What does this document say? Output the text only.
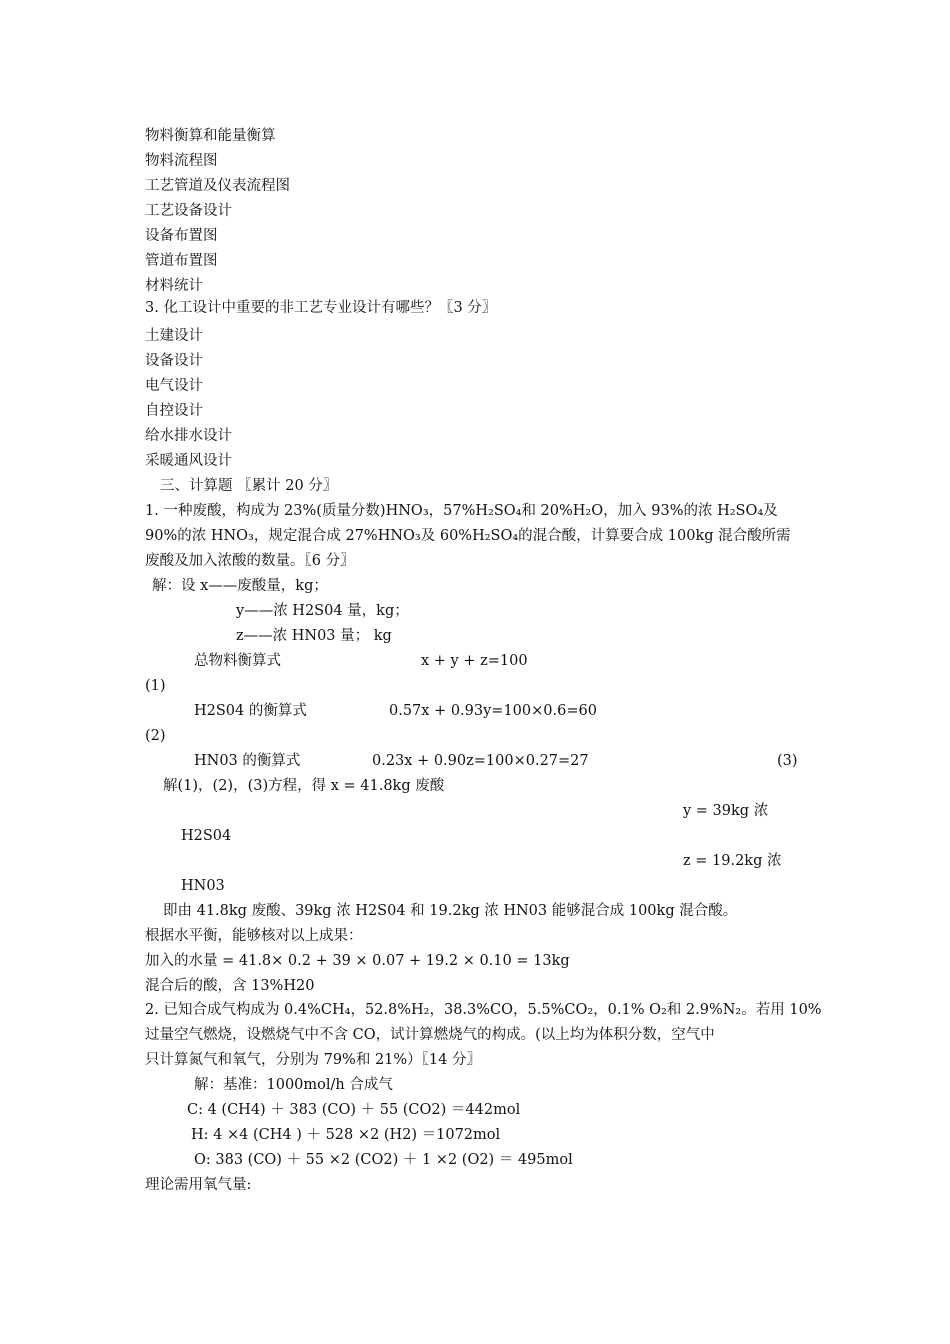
物料衡算和能量衡算
物料流程图
工艺管道及仪表流程图
工艺设备设计
设备布置图
管道布置图
材料统计
3. 化工设计中重要的非工艺专业设计有哪些？〖3 分〗
土建设计
设备设计
电气设计
自控设计
给水排水设计
采暖通风设计
三、计算题 〖累计 20 分〗
1. 一种废酸，构成为 23%(质量分数)HNO₃，57%H₂SO₄和 20%H₂O，加入 93%的浓 H₂SO₄及
90%的浓 HNO₃，规定混合成 27%HNO₃及 60%H₂SO₄的混合酸，计算要合成 100kg 混合酸所需
废酸及加入浓酸的数量。〖6 分〗
解：设 x——废酸量，kg；
y——浓 H2S04 量，kg；
z——浓 HN03 量； kg
总物料衡算式	x + y + z=100
(1)
H2S04 的衡算式	0.57x + 0.93y=100×0.6=60
(2)
HN03 的衡算式	0.23x + 0.90z=100×0.27=27	(3)
解(1)，(2)，(3)方程，得 x = 41.8kg 废酸
y = 39kg 浓
H2S04
z = 19.2kg 浓
HN03
即由 41.8kg 废酸、39kg 浓 H2S04 和 19.2kg 浓 HN03 能够混合成 100kg 混合酸。
根据水平衡，能够核对以上成果：
加入的水量 = 41.8× 0.2 + 39 × 0.07 + 19.2 × 0.10 = 13kg
混合后的酸，含 13%H20
2. 已知合成气构成为 0.4%CH₄，52.8%H₂，38.3%CO，5.5%CO₂，0.1% O₂和 2.9%N₂。若用 10%
过量空气燃烧，设燃烧气中不含 CO，试计算燃烧气的构成。(以上均为体积分数，空气中
只计算氮气和氧气，分别为 79%和 21%）〖14 分〗
解：基准：1000mol/h 合成气
C: 4 (CH4) ＋ 383 (CO) ＋ 55 (CO2) ＝442mol
H: 4 ×4 (CH4 ) ＋ 528 ×2 (H2) ＝1072mol
O: 383 (CO) ＋ 55 ×2 (CO2) ＋ 1 ×2 (O2) ＝ 495mol
理论需用氧气量:
